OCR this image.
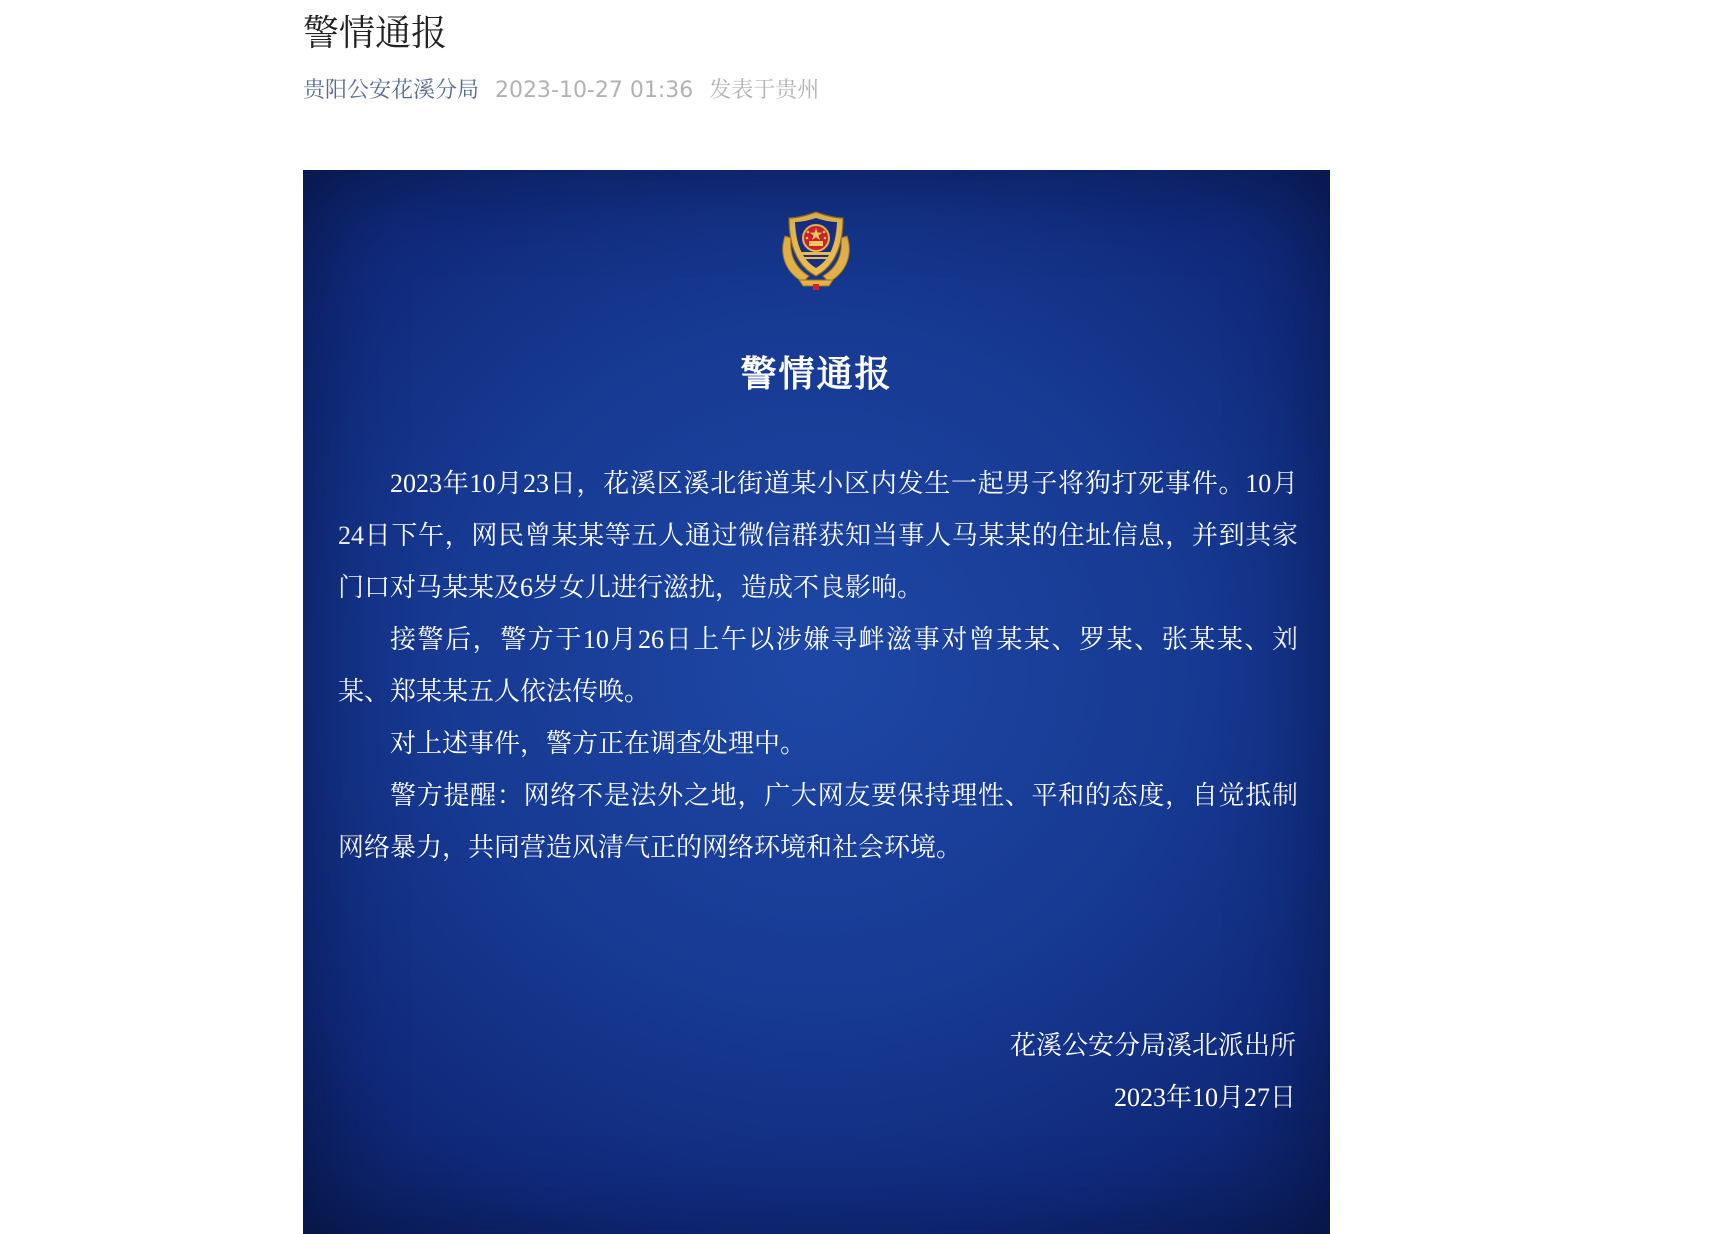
警情通报
贵阳公安花溪分局 2023-10-27 01:36 发表于贵州
警情通报

2023年10月23日，花溪区溪北街道某小区内发生一起男子将狗打死事件。10月24日下午，网民曾某某等五人通过微信群获知当事人马某某的住址信息，并到其家门口对马某某及6岁女儿进行滋扰，造成不良影响。

接警后，警方于10月26日上午以涉嫌寻衅滋事对曾某某、罗某、张某某、刘某、郑某某五人依法传唤。

对上述事件，警方正在调查处理中。

警方提醒：网络不是法外之地，广大网友要保持理性、平和的态度，自觉抵制网络暴力，共同营造风清气正的网络环境和社会环境。

花溪公安分局溪北派出所
2023年10月27日
